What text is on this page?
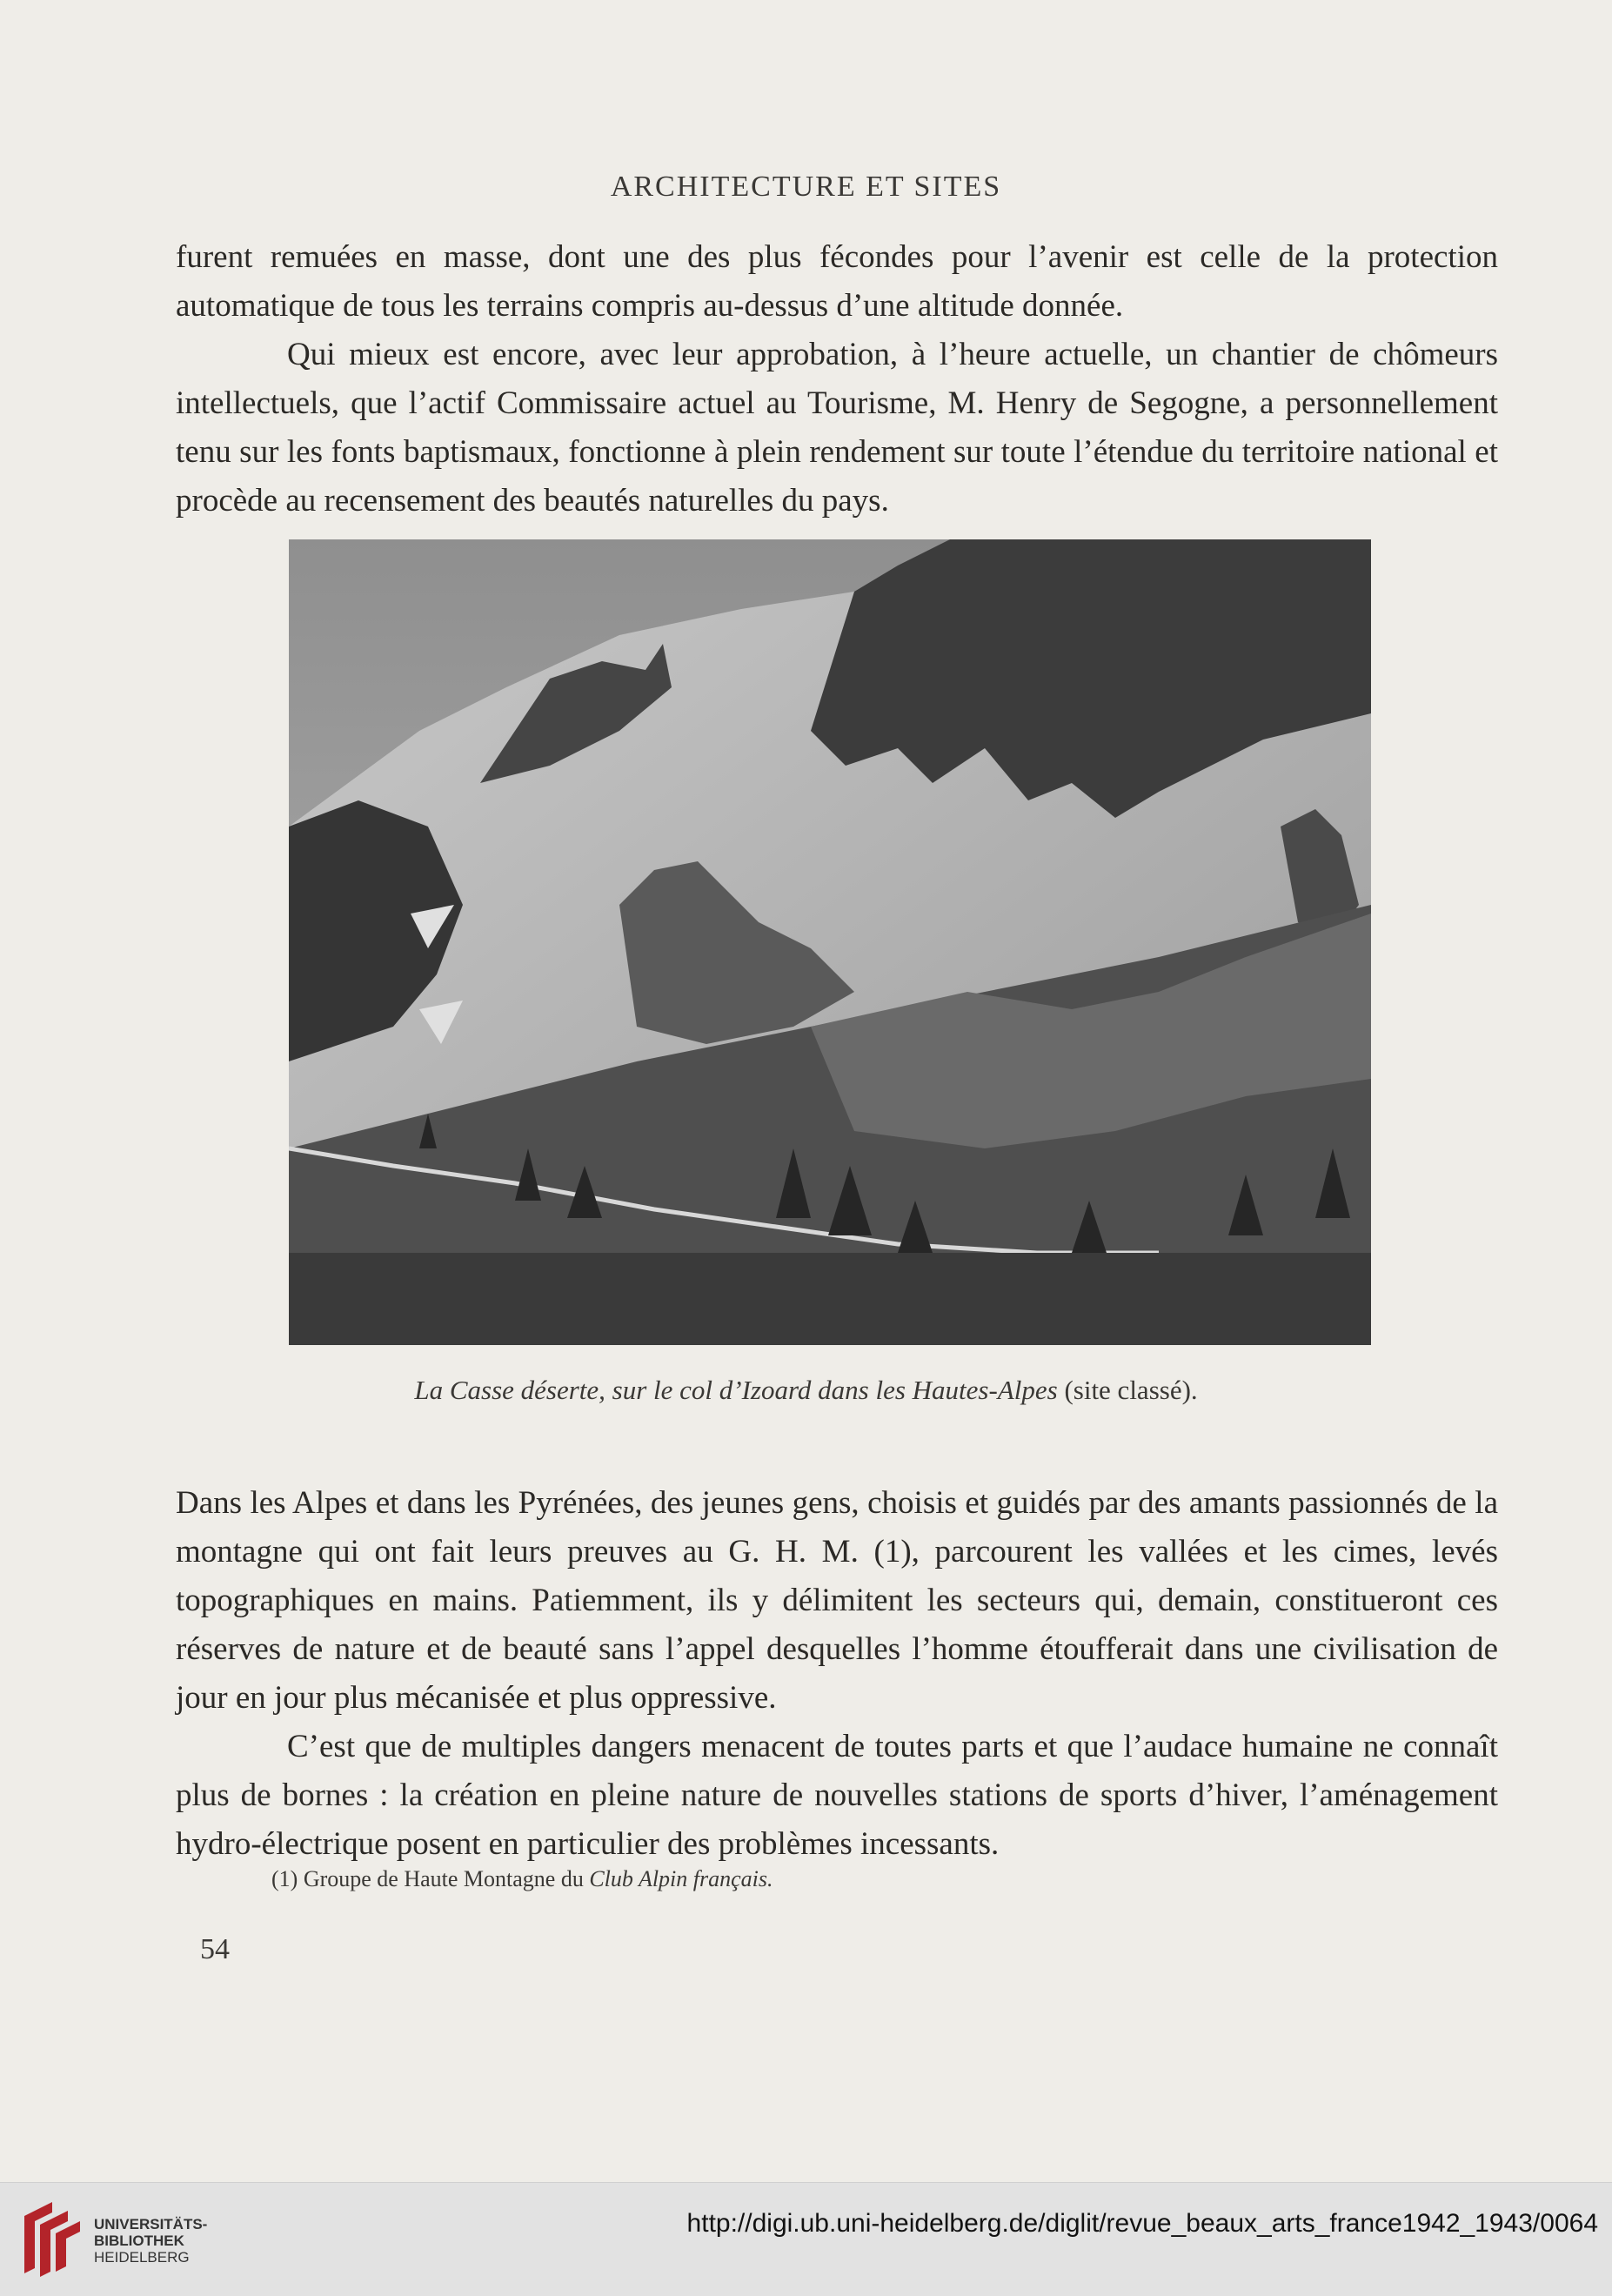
ARCHITECTURE ET SITES

furent remuées en masse, dont une des plus fécondes pour l’avenir est celle de la protection automatique de tous les terrains compris au-dessus d’une altitude donnée.

Qui mieux est encore, avec leur approbation, à l’heure actuelle, un chantier de chômeurs intellectuels, que l’actif Commissaire actuel au Tourisme, M. Henry de Segogne, a personnellement tenu sur les fonts baptismaux, fonctionne à plein rendement sur toute l’étendue du territoire national et procède au recensement des beautés naturelles du pays.

La Casse déserte, sur le col d’Izoard dans les Hautes-Alpes (site classé).

Dans les Alpes et dans les Pyrénées, des jeunes gens, choisis et guidés par des amants passionnés de la montagne qui ont fait leurs preuves au G. H. M. (1), parcourent les vallées et les cimes, levés topographiques en mains. Patiemment, ils y délimitent les secteurs qui, demain, constitueront ces réserves de nature et de beauté sans l’appel desquelles l’homme étoufferait dans une civilisation de jour en jour plus mécanisée et plus oppressive.

C’est que de multiples dangers menacent de toutes parts et que l’audace humaine ne connaît plus de bornes : la création en pleine nature de nouvelles stations de sports d’hiver, l’aménagement hydro-électrique posent en particulier des problèmes incessants.

(1) Groupe de Haute Montagne du Club Alpin français.
54
UNIVERSITÄTS-
BIBLIOTHEK
HEIDELBERG
http://digi.ub.uni-heidelberg.de/diglit/revue_beaux_arts_france1942_1943/0064
